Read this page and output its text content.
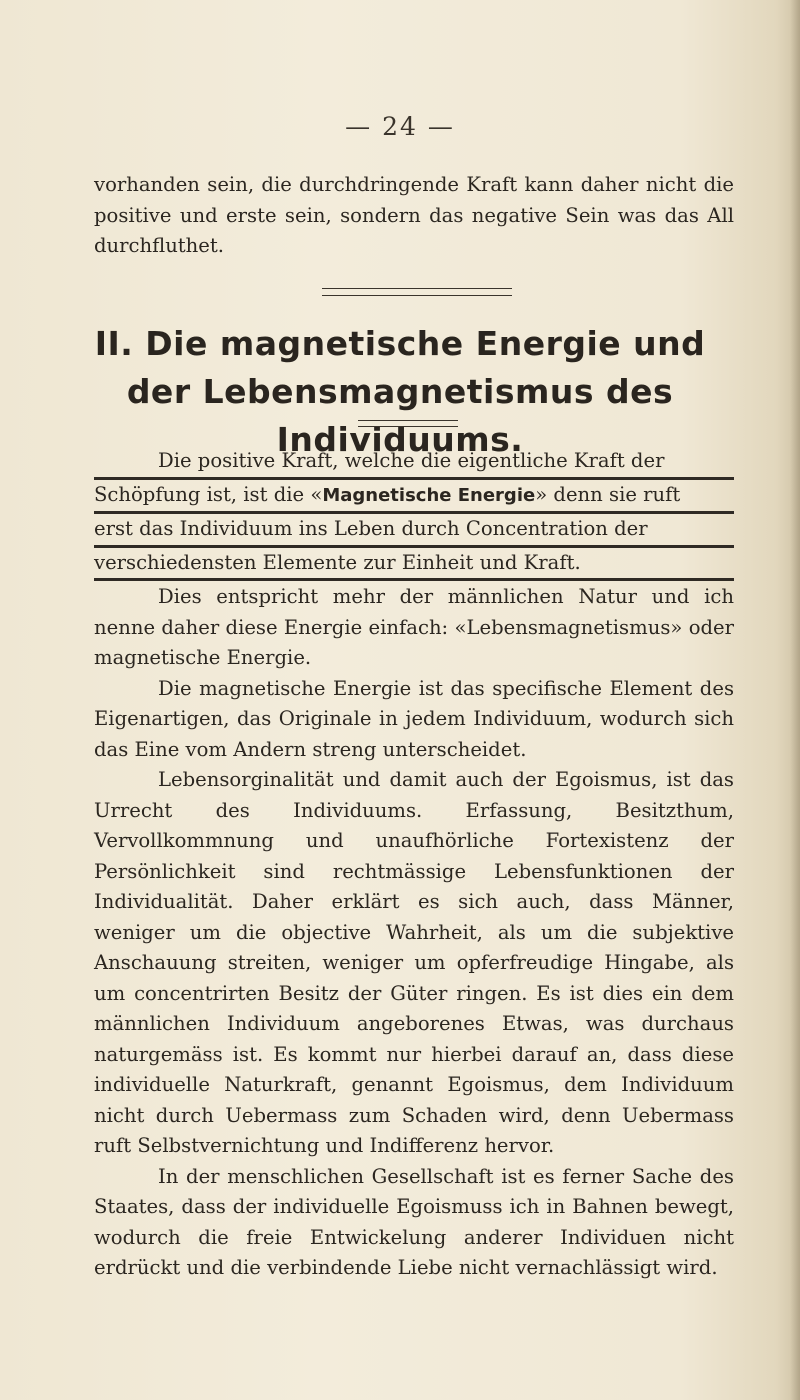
— 24 —

vorhanden sein, die durchdringende Kraft kann daher nicht die positive und erste sein, sondern das negative Sein was das All durchfluthet.

II. Die magnetische Energie und
der Lebensmagnetismus des Individuums.
Die positive Kraft, welche die eigentliche Kraft der
Schöpfung ist, ist die «Magnetische Energie» denn sie ruft
erst das Individuum ins Leben durch Concentration der
verschiedensten Elemente zur Einheit und Kraft.

Dies entspricht mehr der männlichen Natur und ich nenne daher diese Energie einfach: «Lebensmagnetismus» oder magnetische Energie.

Die magnetische Energie ist das specifische Element des Eigenartigen, das Originale in jedem Individuum, wodurch sich das Eine vom Andern streng unterscheidet.

Lebensorginalität und damit auch der Egoismus, ist das Urrecht des Individuums. Erfassung, Besitzthum, Vervollkommnung und unaufhörliche Fortexistenz der Persönlichkeit sind rechtmässige Lebensfunktionen der Individualität. Daher erklärt es sich auch, dass Männer, weniger um die objective Wahrheit, als um die subjektive Anschauung streiten, weniger um opferfreudige Hingabe, als um concentrirten Besitz der Güter ringen. Es ist dies ein dem männlichen Individuum angeborenes Etwas, was durchaus naturgemäss ist. Es kommt nur hierbei darauf an, dass diese individuelle Naturkraft, genannt Egoismus, dem Individuum nicht durch Uebermass zum Schaden wird, denn Uebermass ruft Selbstvernichtung und Indifferenz hervor.

In der menschlichen Gesellschaft ist es ferner Sache des Staates, dass der individuelle Egoismuss ich in Bahnen bewegt, wodurch die freie Entwickelung anderer Individuen nicht erdrückt und die verbindende Liebe nicht vernachlässigt wird.
